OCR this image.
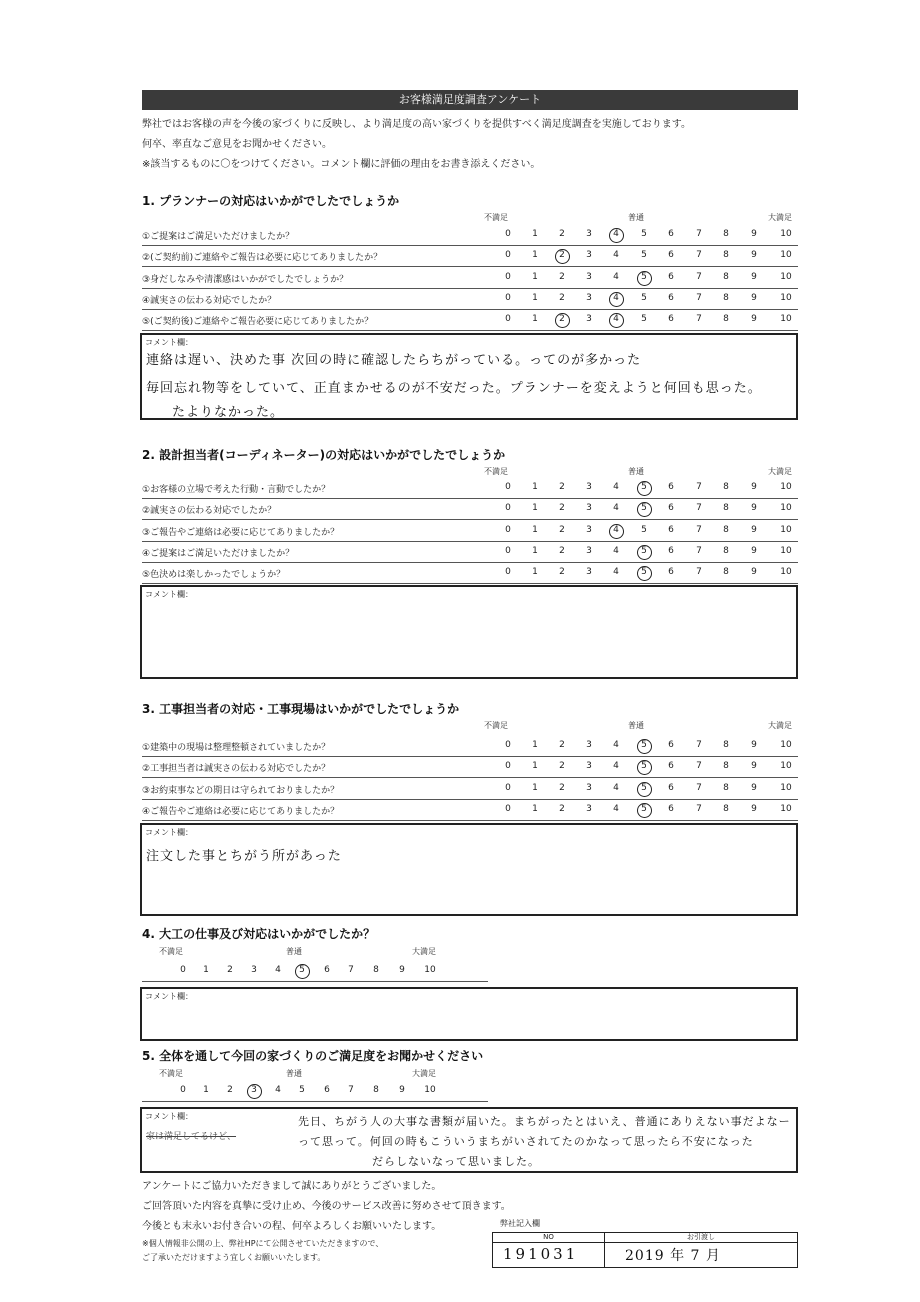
お客様満足度調査アンケート
弊社ではお客様の声を今後の家づくりに反映し、より満足度の高い家づくりを提供すべく満足度調査を実施しております。
何卒、率直なご意見をお聞かせください。
※該当するものに〇をつけてください。コメント欄に評価の理由をお書き添えください。
1. プランナーの対応はいかがでしたでしょうか
不満足	普通	大満足
①ご提案はご満足いただけましたか？	0	1	2	3	4	5	6	7	8	9	10
②(ご契約前)ご連絡やご報告は必要に応じてありましたか？	0	1	2	3	4	5	6	7	8	9	10
③身だしなみや清潔感はいかがでしたでしょうか？	0	1	2	3	4	5	6	7	8	9	10
④誠実さの伝わる対応でしたか？	0	1	2	3	4	5	6	7	8	9	10
⑤(ご契約後)ご連絡やご報告必要に応じてありましたか？	0	1	2	3	4	5	6	7	8	9	10
コメント欄：
連絡は遅い、決めた事 次回の時に確認したらちがっている。ってのが多かった
毎回忘れ物等をしていて、正直まかせるのが不安だった。プランナーを変えようと何回も思った。
たよりなかった。
2. 設計担当者(コーディネーター)の対応はいかがでしたでしょうか
不満足	普通	大満足
①お客様の立場で考えた行動・言動でしたか？	0	1	2	3	4	5	6	7	8	9	10
②誠実さの伝わる対応でしたか？	0	1	2	3	4	5	6	7	8	9	10
③ご報告やご連絡は必要に応じてありましたか？	0	1	2	3	4	5	6	7	8	9	10
④ご提案はご満足いただけましたか？	0	1	2	3	4	5	6	7	8	9	10
⑤色決めは楽しかったでしょうか？	0	1	2	3	4	5	6	7	8	9	10
コメント欄：
3. 工事担当者の対応・工事現場はいかがでしたでしょうか
不満足	普通	大満足
①建築中の現場は整理整頓されていましたか？	0	1	2	3	4	5	6	7	8	9	10
②工事担当者は誠実さの伝わる対応でしたか？	0	1	2	3	4	5	6	7	8	9	10
③お約束事などの期日は守られておりましたか？	0	1	2	3	4	5	6	7	8	9	10
④ご報告やご連絡は必要に応じてありましたか？	0	1	2	3	4	5	6	7	8	9	10
コメント欄：
注文した事とちがう所があった
4. 大工の仕事及び対応はいかがでしたか？
不満足	普通	大満足
0	1	2	3	4	5	6	7	8	9	10
コメント欄：
5. 全体を通して今回の家づくりのご満足度をお聞かせください
不満足	普通	大満足
0	1	2	3	4	5	6	7	8	9	10
コメント欄：
家は満足してるけど、
先日、ちがう人の大事な書類が届いた。まちがったとはいえ、普通にありえない事だよなー
って思って。何回の時もこういうまちがいされてたのかなって思ったら不安になった
だらしないなって思いました。
アンケートにご協力いただきまして誠にありがとうございました。
ご回答頂いた内容を真摯に受け止め、今後のサービス改善に努めさせて頂きます。
今後とも末永いお付き合いの程、何卒よろしくお願いいたします。
※個人情報非公開の上、弊社HPにて公開させていただきますので、
ご了承いただけますよう宜しくお願いいたします。
弊社記入欄
NO
191031
お引渡し
2019 年 7 月
